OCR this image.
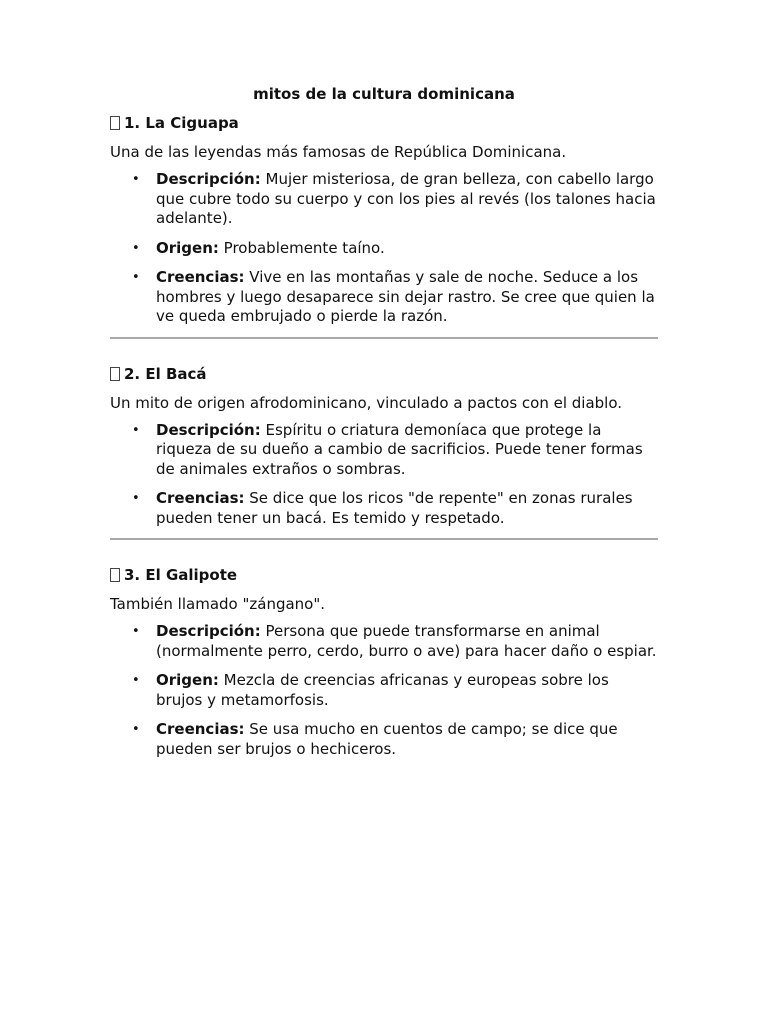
mitos de la cultura dominicana
1. La Ciguapa
Una de las leyendas más famosas de República Dominicana.
• Descripción: Mujer misteriosa, de gran belleza, con cabello largo que cubre todo su cuerpo y con los pies al revés (los talones hacia adelante).
• Origen: Probablemente taíno.
• Creencias: Vive en las montañas y sale de noche. Seduce a los hombres y luego desaparece sin dejar rastro. Se cree que quien la ve queda embrujado o pierde la razón.
2. El Bacá
Un mito de origen afrodominicano, vinculado a pactos con el diablo.
• Descripción: Espíritu o criatura demoníaca que protege la riqueza de su dueño a cambio de sacrificios. Puede tener formas de animales extraños o sombras.
• Creencias: Se dice que los ricos "de repente" en zonas rurales pueden tener un bacá. Es temido y respetado.
3. El Galipote
También llamado "zángano".
• Descripción: Persona que puede transformarse en animal (normalmente perro, cerdo, burro o ave) para hacer daño o espiar.
• Origen: Mezcla de creencias africanas y europeas sobre los brujos y metamorfosis.
• Creencias: Se usa mucho en cuentos de campo; se dice que pueden ser brujos o hechiceros.
